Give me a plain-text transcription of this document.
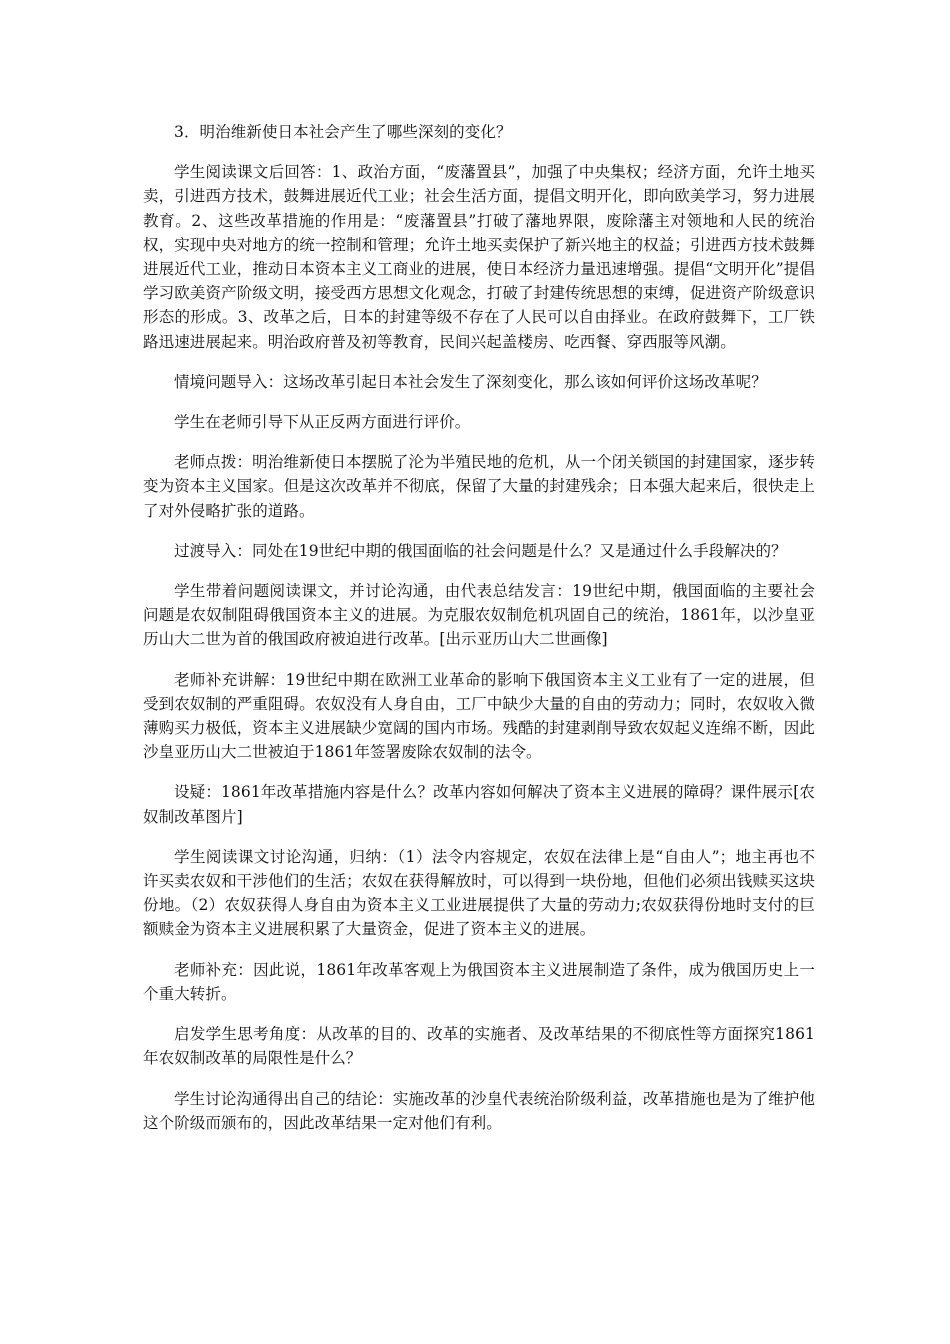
3．明治维新使日本社会产生了哪些深刻的变化？

学生阅读课文后回答：1、政治方面，“废藩置县”，加强了中央集权；经济方面，允许土地买卖，引进西方技术，鼓舞进展近代工业；社会生活方面，提倡文明开化，即向欧美学习，努力进展教育。2、这些改革措施的作用是：“废藩置县”打破了藩地界限，废除藩主对领地和人民的统治权，实现中央对地方的统一控制和管理；允许土地买卖保护了新兴地主的权益；引进西方技术鼓舞进展近代工业，推动日本资本主义工商业的进展，使日本经济力量迅速增强。提倡“文明开化”提倡学习欧美资产阶级文明，接受西方思想文化观念，打破了封建传统思想的束缚，促进资产阶级意识形态的形成。3、改革之后，日本的封建等级不存在了人民可以自由择业。在政府鼓舞下，工厂铁路迅速进展起来。明治政府普及初等教育，民间兴起盖楼房、吃西餐、穿西服等风潮。

情境问题导入：这场改革引起日本社会发生了深刻变化，那么该如何评价这场改革呢？

学生在老师引导下从正反两方面进行评价。

老师点拨：明治维新使日本摆脱了沦为半殖民地的危机，从一个闭关锁国的封建国家，逐步转变为资本主义国家。但是这次改革并不彻底，保留了大量的封建残余；日本强大起来后，很快走上了对外侵略扩张的道路。

过渡导入：同处在19世纪中期的俄国面临的社会问题是什么？又是通过什么手段解决的？

学生带着问题阅读课文，并讨论沟通，由代表总结发言：19世纪中期，俄国面临的主要社会问题是农奴制阻碍俄国资本主义的进展。为克服农奴制危机巩固自己的统治，1861年，以沙皇亚历山大二世为首的俄国政府被迫进行改革。[出示亚历山大二世画像]

老师补充讲解：19世纪中期在欧洲工业革命的影响下俄国资本主义工业有了一定的进展，但受到农奴制的严重阻碍。农奴没有人身自由，工厂中缺少大量的自由的劳动力；同时，农奴收入微薄购买力极低，资本主义进展缺少宽阔的国内市场。残酷的封建剥削导致农奴起义连绵不断，因此沙皇亚历山大二世被迫于1861年签署废除农奴制的法令。

设疑：1861年改革措施内容是什么？改革内容如何解决了资本主义进展的障碍？课件展示[农奴制改革图片]

学生阅读课文讨论沟通，归纳：（1）法令内容规定，农奴在法律上是“自由人”；地主再也不许买卖农奴和干涉他们的生活；农奴在获得解放时，可以得到一块份地，但他们必须出钱赎买这块份地。（2）农奴获得人身自由为资本主义工业进展提供了大量的劳动力;农奴获得份地时支付的巨额赎金为资本主义进展积累了大量资金，促进了资本主义的进展。

老师补充：因此说，1861年改革客观上为俄国资本主义进展制造了条件，成为俄国历史上一个重大转折。

启发学生思考角度：从改革的目的、改革的实施者、及改革结果的不彻底性等方面探究1861年农奴制改革的局限性是什么？

学生讨论沟通得出自己的结论：实施改革的沙皇代表统治阶级利益，改革措施也是为了维护他这个阶级而颁布的，因此改革结果一定对他们有利。
